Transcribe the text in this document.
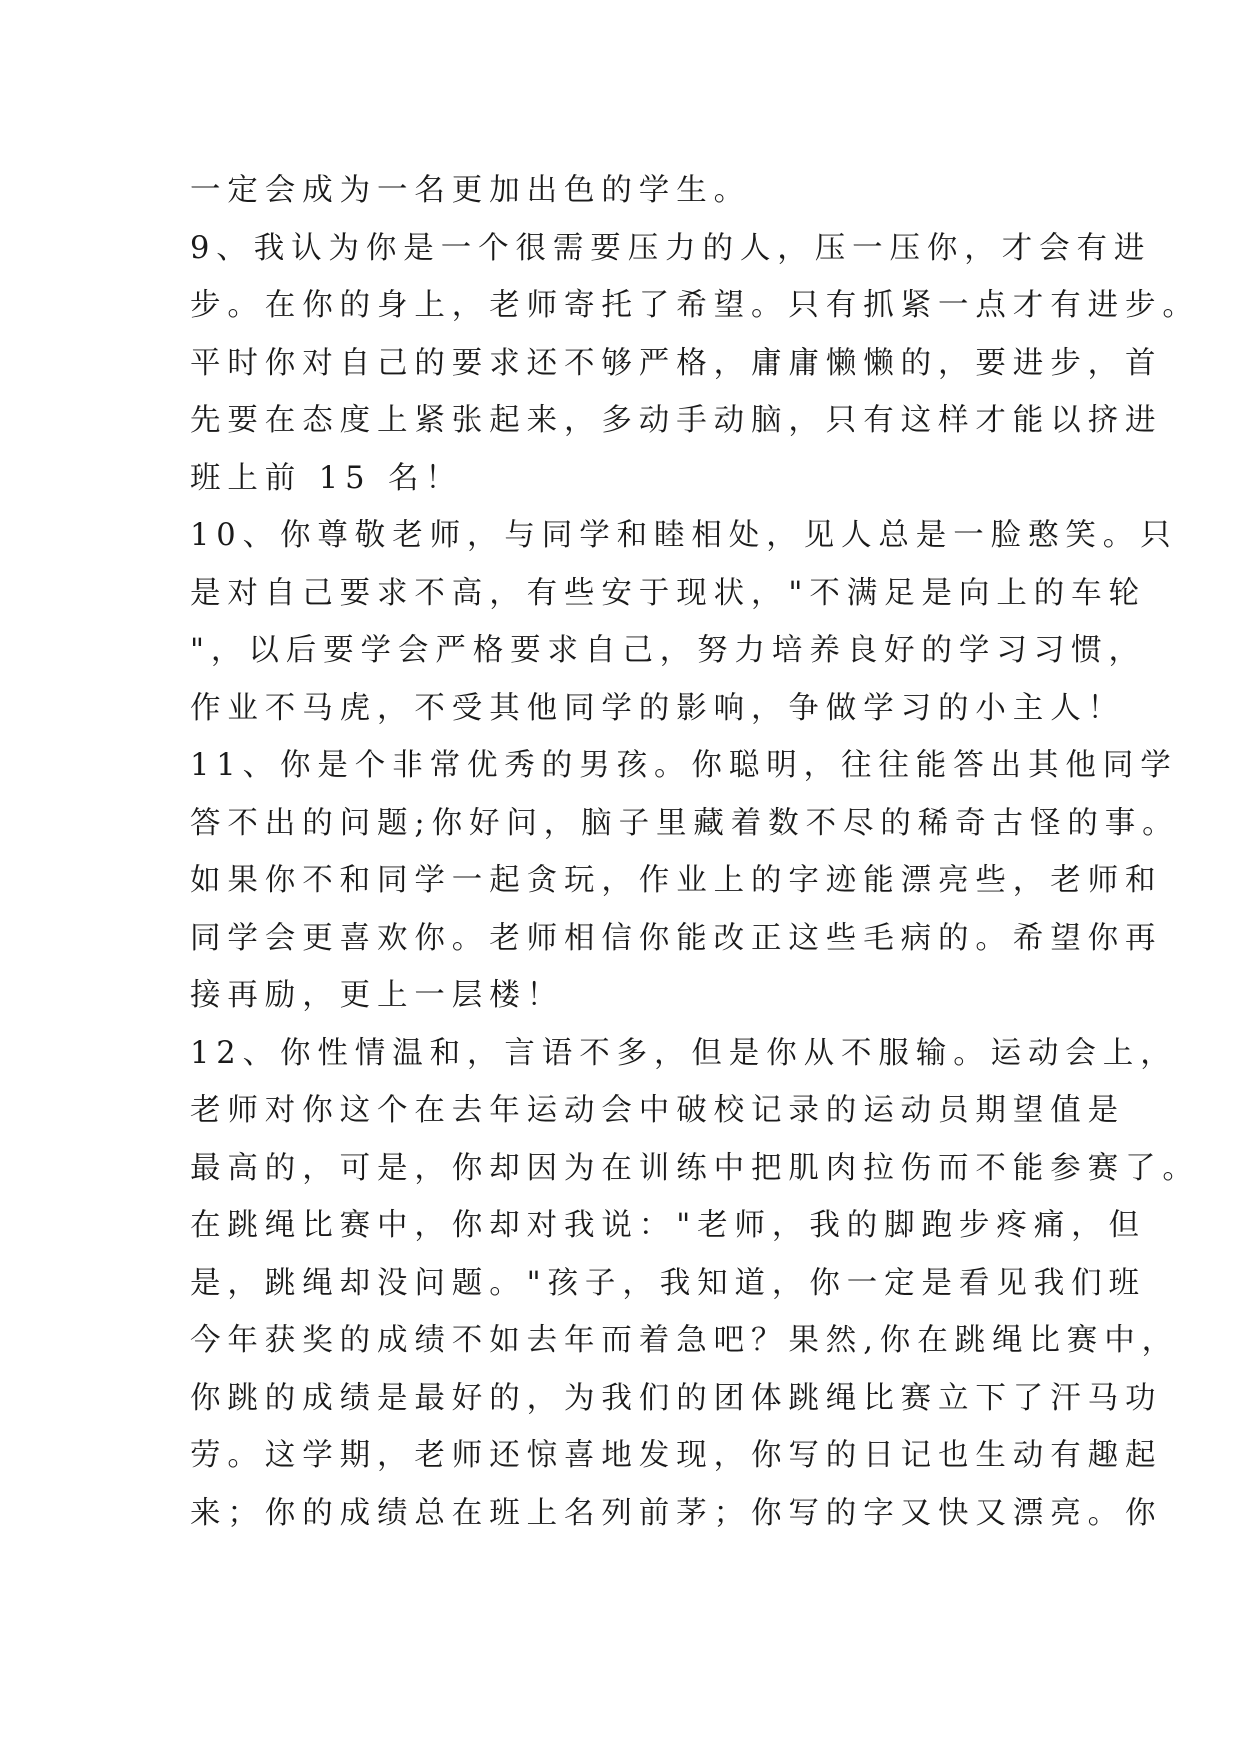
一定会成为一名更加出色的学生。
9、我认为你是一个很需要压力的人，压一压你，才会有进
步。在你的身上，老师寄托了希望。只有抓紧一点才有进步。
平时你对自己的要求还不够严格，庸庸懒懒的，要进步，首
先要在态度上紧张起来，多动手动脑，只有这样才能以挤进
班上前 15 名！
10、你尊敬老师，与同学和睦相处，见人总是一脸憨笑。只
是对自己要求不高，有些安于现状，"不满足是向上的车轮
"，以后要学会严格要求自己，努力培养良好的学习习惯，
作业不马虎，不受其他同学的影响，争做学习的小主人！
11、你是个非常优秀的男孩。你聪明，往往能答出其他同学
答不出的问题;你好问，脑子里藏着数不尽的稀奇古怪的事。
如果你不和同学一起贪玩，作业上的字迹能漂亮些，老师和
同学会更喜欢你。老师相信你能改正这些毛病的。希望你再
接再励，更上一层楼！
12、你性情温和，言语不多，但是你从不服输。运动会上，
老师对你这个在去年运动会中破校记录的运动员期望值是
最高的，可是，你却因为在训练中把肌肉拉伤而不能参赛了。
在跳绳比赛中，你却对我说："老师，我的脚跑步疼痛，但
是，跳绳却没问题。"孩子，我知道，你一定是看见我们班
今年获奖的成绩不如去年而着急吧？果然,你在跳绳比赛中，
你跳的成绩是最好的，为我们的团体跳绳比赛立下了汗马功
劳。这学期，老师还惊喜地发现，你写的日记也生动有趣起
来；你的成绩总在班上名列前茅；你写的字又快又漂亮。你
